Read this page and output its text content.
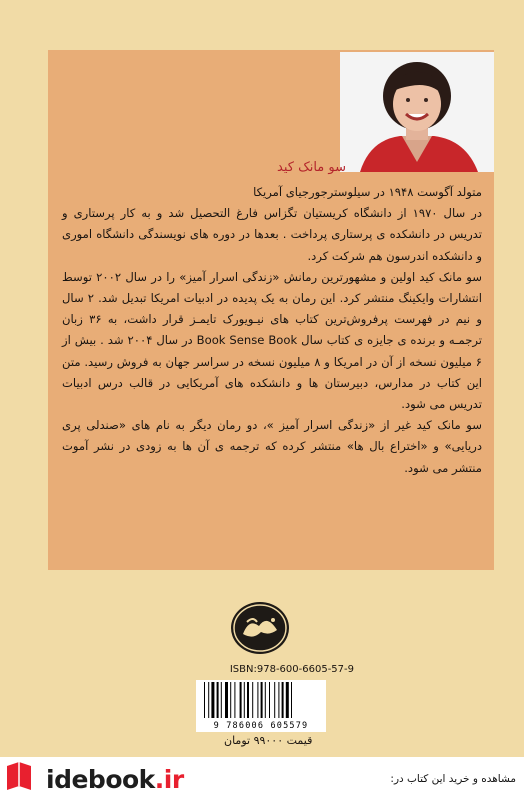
سو مانک کید

متولد آگوست ۱۹۴۸ در سیلوسترجورجیای آمریکا

در سال ۱۹۷۰ از دانشگاه کریستیان تگزاس فارغ التحصیل شد و به کار پرستاری و تدریس در دانشکده ی پرستاری پرداخت . بعدها در دوره های نویسندگی دانشگاه اموری و دانشکده اندرسون هم شرکت کرد.

سو مانک کید اولین و مشهورترین رمانش «زندگی اسرار آمیز» را در سال ۲۰۰۲ توسط انتشارات وایکینگ منتشر کرد. این رمان به یک پدیده در ادبیات امریکا تبدیل شد. ۲ سال و نیم در فهرست پرفروش‌ترین کتاب های نیـویورک تایمـز قرار داشت، به ۳۶ زبان ترجمـه و برنده ی جایزه ی کتاب سال Book Sense Book در سال ۲۰۰۴ شد . بیش از ۶ میلیون نسخه از آن در امریکا و ۸ میلیون نسخه در سراسر جهان به فروش رسید. متن این کتاب در مدارس، دبیرستان ها و دانشکده های آمریکایی در قالب درس ادبیات تدریس می شود.

سو مانک کید غیر از «زندگی اسرار آمیز »، دو رمان دیگر به نام های «صندلی پری دریایی» و «اختراع بال ها» منتشر کرده که ترجمه ی آن ها به زودی در نشر آموت منتشر می شود.

ISBN:978-600-6605-57-9
9 786006 605579
قیمت ۹۹۰۰۰ تومان
idebook.ir	مشاهده و خرید این کتاب در:
